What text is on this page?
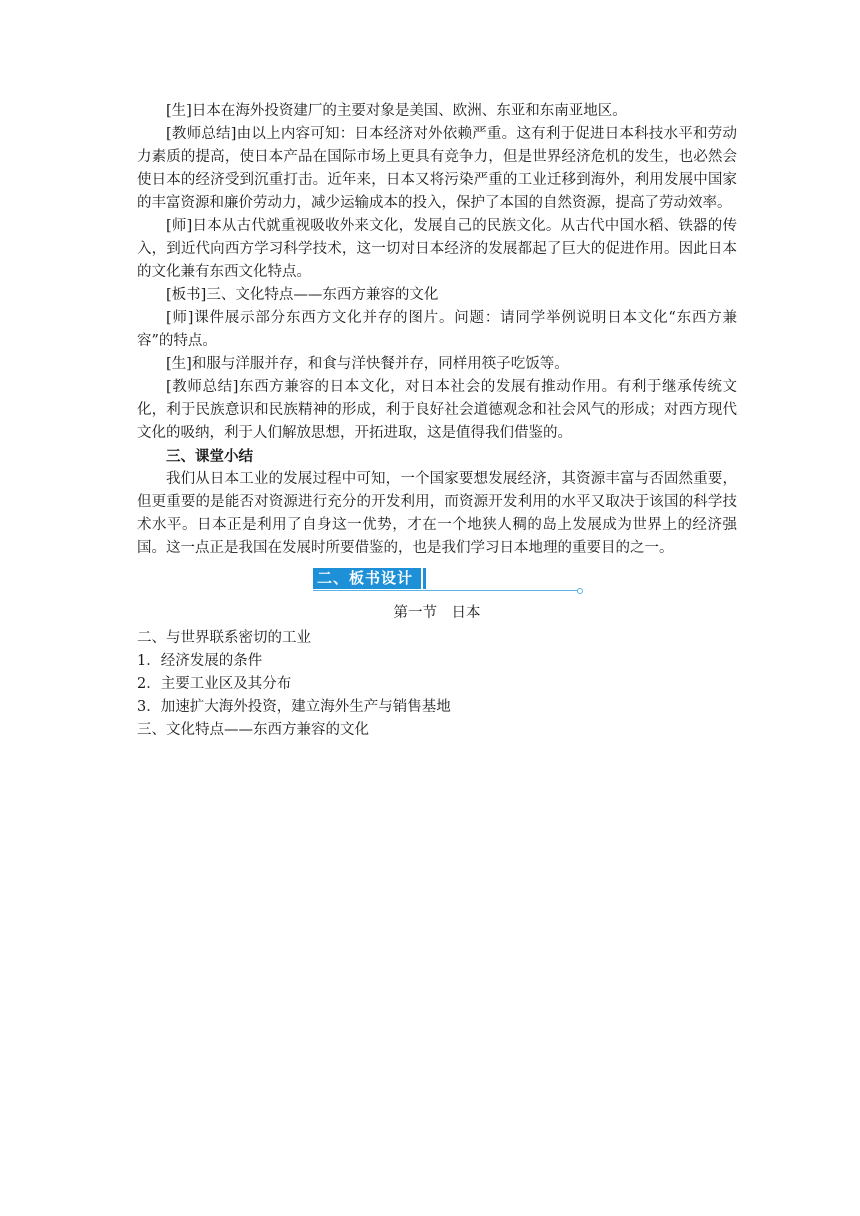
[生]日本在海外投资建厂的主要对象是美国、欧洲、东亚和东南亚地区。

[教师总结]由以上内容可知：日本经济对外依赖严重。这有利于促进日本科技水平和劳动力素质的提高，使日本产品在国际市场上更具有竞争力，但是世界经济危机的发生，也必然会使日本的经济受到沉重打击。近年来，日本又将污染严重的工业迁移到海外，利用发展中国家的丰富资源和廉价劳动力，减少运输成本的投入，保护了本国的自然资源，提高了劳动效率。

[师]日本从古代就重视吸收外来文化，发展自己的民族文化。从古代中国水稻、铁器的传入，到近代向西方学习科学技术，这一切对日本经济的发展都起了巨大的促进作用。因此日本的文化兼有东西文化特点。

[板书]三、文化特点——东西方兼容的文化

[师]课件展示部分东西方文化并存的图片。问题：请同学举例说明日本文化“东西方兼容”的特点。

[生]和服与洋服并存，和食与洋快餐并存，同样用筷子吃饭等。

[教师总结]东西方兼容的日本文化，对日本社会的发展有推动作用。有利于继承传统文化，利于民族意识和民族精神的形成，利于良好社会道德观念和社会风气的形成；对西方现代文化的吸纳，利于人们解放思想，开拓进取，这是值得我们借鉴的。

三、课堂小结

我们从日本工业的发展过程中可知，一个国家要想发展经济，其资源丰富与否固然重要，但更重要的是能否对资源进行充分的开发利用，而资源开发利用的水平又取决于该国的科学技术水平。日本正是利用了自身这一优势，才在一个地狭人稠的岛上发展成为世界上的经济强国。这一点正是我国在发展时所要借鉴的，也是我们学习日本地理的重要目的之一。

二、板书设计

第一节　日本

二、与世界联系密切的工业

1．经济发展的条件

2．主要工业区及其分布

3．加速扩大海外投资，建立海外生产与销售基地

三、文化特点——东西方兼容的文化
